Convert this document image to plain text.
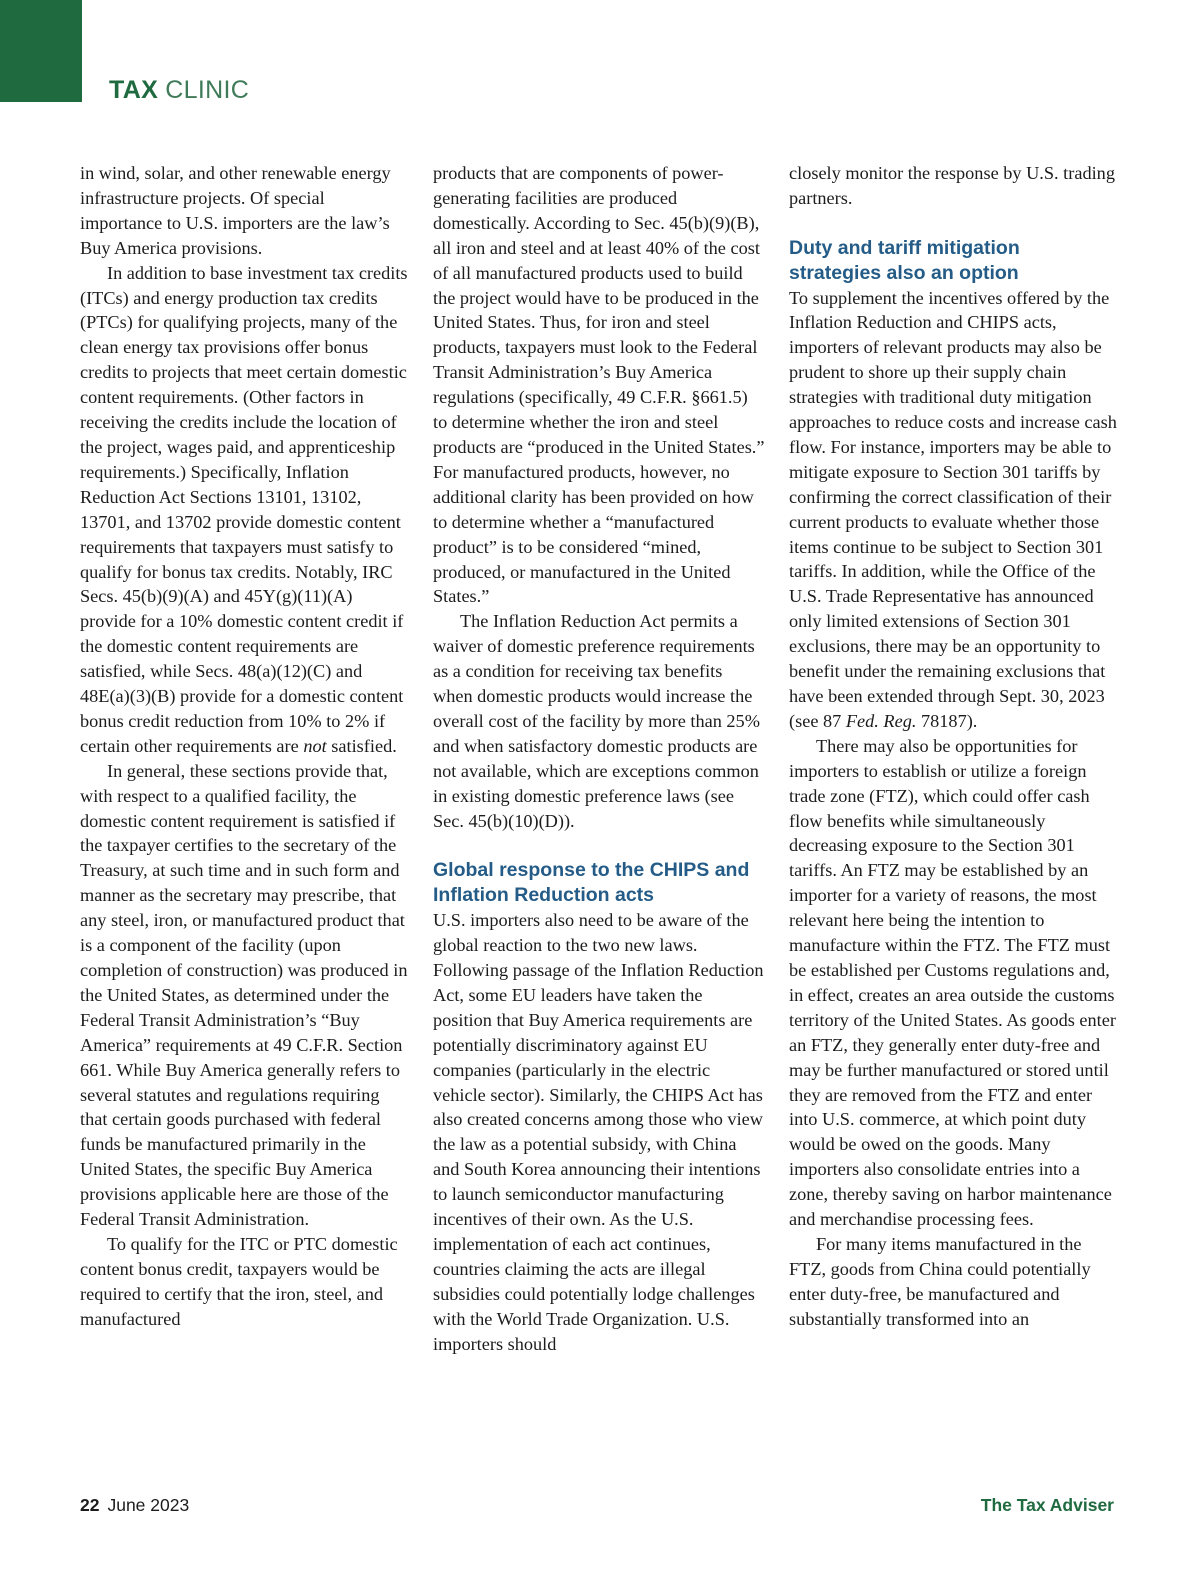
TAX CLINIC

in wind, solar, and other renewable energy infrastructure projects. Of special importance to U.S. importers are the law’s Buy America provisions.

In addition to base investment tax credits (ITCs) and energy production tax credits (PTCs) for qualifying projects, many of the clean energy tax provisions offer bonus credits to projects that meet certain domestic content requirements. (Other factors in receiving the credits include the location of the project, wages paid, and apprenticeship requirements.) Specifically, Inflation Reduction Act Sections 13101, 13102, 13701, and 13702 provide domestic content requirements that taxpayers must satisfy to qualify for bonus tax credits. Notably, IRC Secs. 45(b)(9)(A) and 45Y(g)(11)(A) provide for a 10% domestic content credit if the domestic content requirements are satisfied, while Secs. 48(a)(12)(C) and 48E(a)(3)(B) provide for a domestic content bonus credit reduction from 10% to 2% if certain other requirements are not satisfied.

In general, these sections provide that, with respect to a qualified facility, the domestic content requirement is satisfied if the taxpayer certifies to the secretary of the Treasury, at such time and in such form and manner as the secretary may prescribe, that any steel, iron, or manufactured product that is a component of the facility (upon completion of construction) was produced in the United States, as determined under the Federal Transit Administration’s “Buy America” requirements at 49 C.F.R. Section 661. While Buy America generally refers to several statutes and regulations requiring that certain goods purchased with federal funds be manufactured primarily in the United States, the specific Buy America provisions applicable here are those of the Federal Transit Administration.

To qualify for the ITC or PTC domestic content bonus credit, taxpayers would be required to certify that the iron, steel, and manufactured

products that are components of power-generating facilities are produced domestically. According to Sec. 45(b)(9)(B), all iron and steel and at least 40% of the cost of all manufactured products used to build the project would have to be produced in the United States. Thus, for iron and steel products, taxpayers must look to the Federal Transit Administration’s Buy America regulations (specifically, 49 C.F.R. §661.5) to determine whether the iron and steel products are “produced in the United States.” For manufactured products, however, no additional clarity has been provided on how to determine whether a “manufactured product” is to be considered “mined, produced, or manufactured in the United States.”

The Inflation Reduction Act permits a waiver of domestic preference requirements as a condition for receiving tax benefits when domestic products would increase the overall cost of the facility by more than 25% and when satisfactory domestic products are not available, which are exceptions common in existing domestic preference laws (see Sec. 45(b)(10)(D)).

Global response to the CHIPS and Inflation Reduction acts

U.S. importers also need to be aware of the global reaction to the two new laws. Following passage of the Inflation Reduction Act, some EU leaders have taken the position that Buy America requirements are potentially discriminatory against EU companies (particularly in the electric vehicle sector). Similarly, the CHIPS Act has also created concerns among those who view the law as a potential subsidy, with China and South Korea announcing their intentions to launch semiconductor manufacturing incentives of their own. As the U.S. implementation of each act continues, countries claiming the acts are illegal subsidies could potentially lodge challenges with the World Trade Organization. U.S. importers should

closely monitor the response by U.S. trading partners.

Duty and tariff mitigation strategies also an option

To supplement the incentives offered by the Inflation Reduction and CHIPS acts, importers of relevant products may also be prudent to shore up their supply chain strategies with traditional duty mitigation approaches to reduce costs and increase cash flow. For instance, importers may be able to mitigate exposure to Section 301 tariffs by confirming the correct classification of their current products to evaluate whether those items continue to be subject to Section 301 tariffs. In addition, while the Office of the U.S. Trade Representative has announced only limited extensions of Section 301 exclusions, there may be an opportunity to benefit under the remaining exclusions that have been extended through Sept. 30, 2023 (see 87 Fed. Reg. 78187).

There may also be opportunities for importers to establish or utilize a foreign trade zone (FTZ), which could offer cash flow benefits while simultaneously decreasing exposure to the Section 301 tariffs. An FTZ may be established by an importer for a variety of reasons, the most relevant here being the intention to manufacture within the FTZ. The FTZ must be established per Customs regulations and, in effect, creates an area outside the customs territory of the United States. As goods enter an FTZ, they generally enter duty-free and may be further manufactured or stored until they are removed from the FTZ and enter into U.S. commerce, at which point duty would be owed on the goods. Many importers also consolidate entries into a zone, thereby saving on harbor maintenance and merchandise processing fees.

For many items manufactured in the FTZ, goods from China could potentially enter duty-free, be manufactured and substantially transformed into an

22 June 2023	The Tax Adviser
